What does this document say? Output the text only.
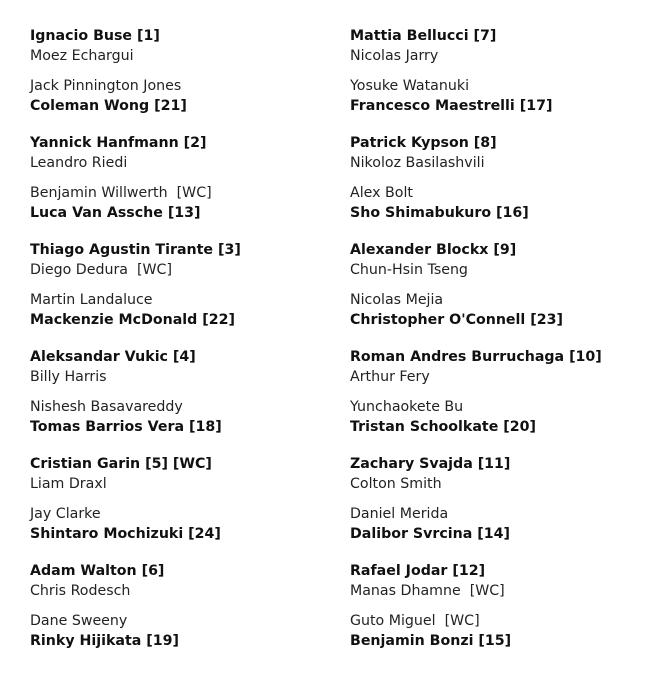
Ignacio Buse [1]
Moez Echargui
Jack Pinnington Jones
Coleman Wong [21]
Yannick Hanfmann [2]
Leandro Riedi
Benjamin Willwerth  [WC]
Luca Van Assche [13]
Thiago Agustin Tirante [3]
Diego Dedura  [WC]
Martin Landaluce
Mackenzie McDonald [22]
Aleksandar Vukic [4]
Billy Harris
Nishesh Basavareddy
Tomas Barrios Vera [18]
Cristian Garin [5] [WC]
Liam Draxl
Jay Clarke
Shintaro Mochizuki [24]
Adam Walton [6]
Chris Rodesch
Dane Sweeny
Rinky Hijikata [19]
Mattia Bellucci [7]
Nicolas Jarry
Yosuke Watanuki
Francesco Maestrelli [17]
Patrick Kypson [8]
Nikoloz Basilashvili
Alex Bolt
Sho Shimabukuro [16]
Alexander Blockx [9]
Chun-Hsin Tseng
Nicolas Mejia
Christopher O'Connell [23]
Roman Andres Burruchaga [10]
Arthur Fery
Yunchaokete Bu
Tristan Schoolkate [20]
Zachary Svajda [11]
Colton Smith
Daniel Merida
Dalibor Svrcina [14]
Rafael Jodar [12]
Manas Dhamne  [WC]
Guto Miguel  [WC]
Benjamin Bonzi [15]
